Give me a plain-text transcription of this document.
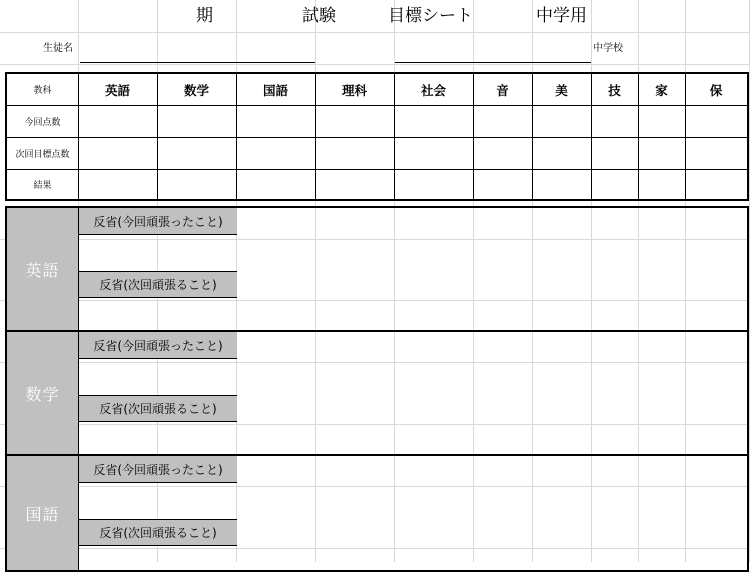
期	試験	目標シート	中学用
生徒名	中学校
教科	英語	数学	国語	理科	社会	音	美	技	家	保
今回点数
次回目標点数
結果
英語
反省(今回頑張ったこと)
反省(次回頑張ること)
数学
反省(今回頑張ったこと)
反省(次回頑張ること)
国語
反省(今回頑張ったこと)
反省(次回頑張ること)
